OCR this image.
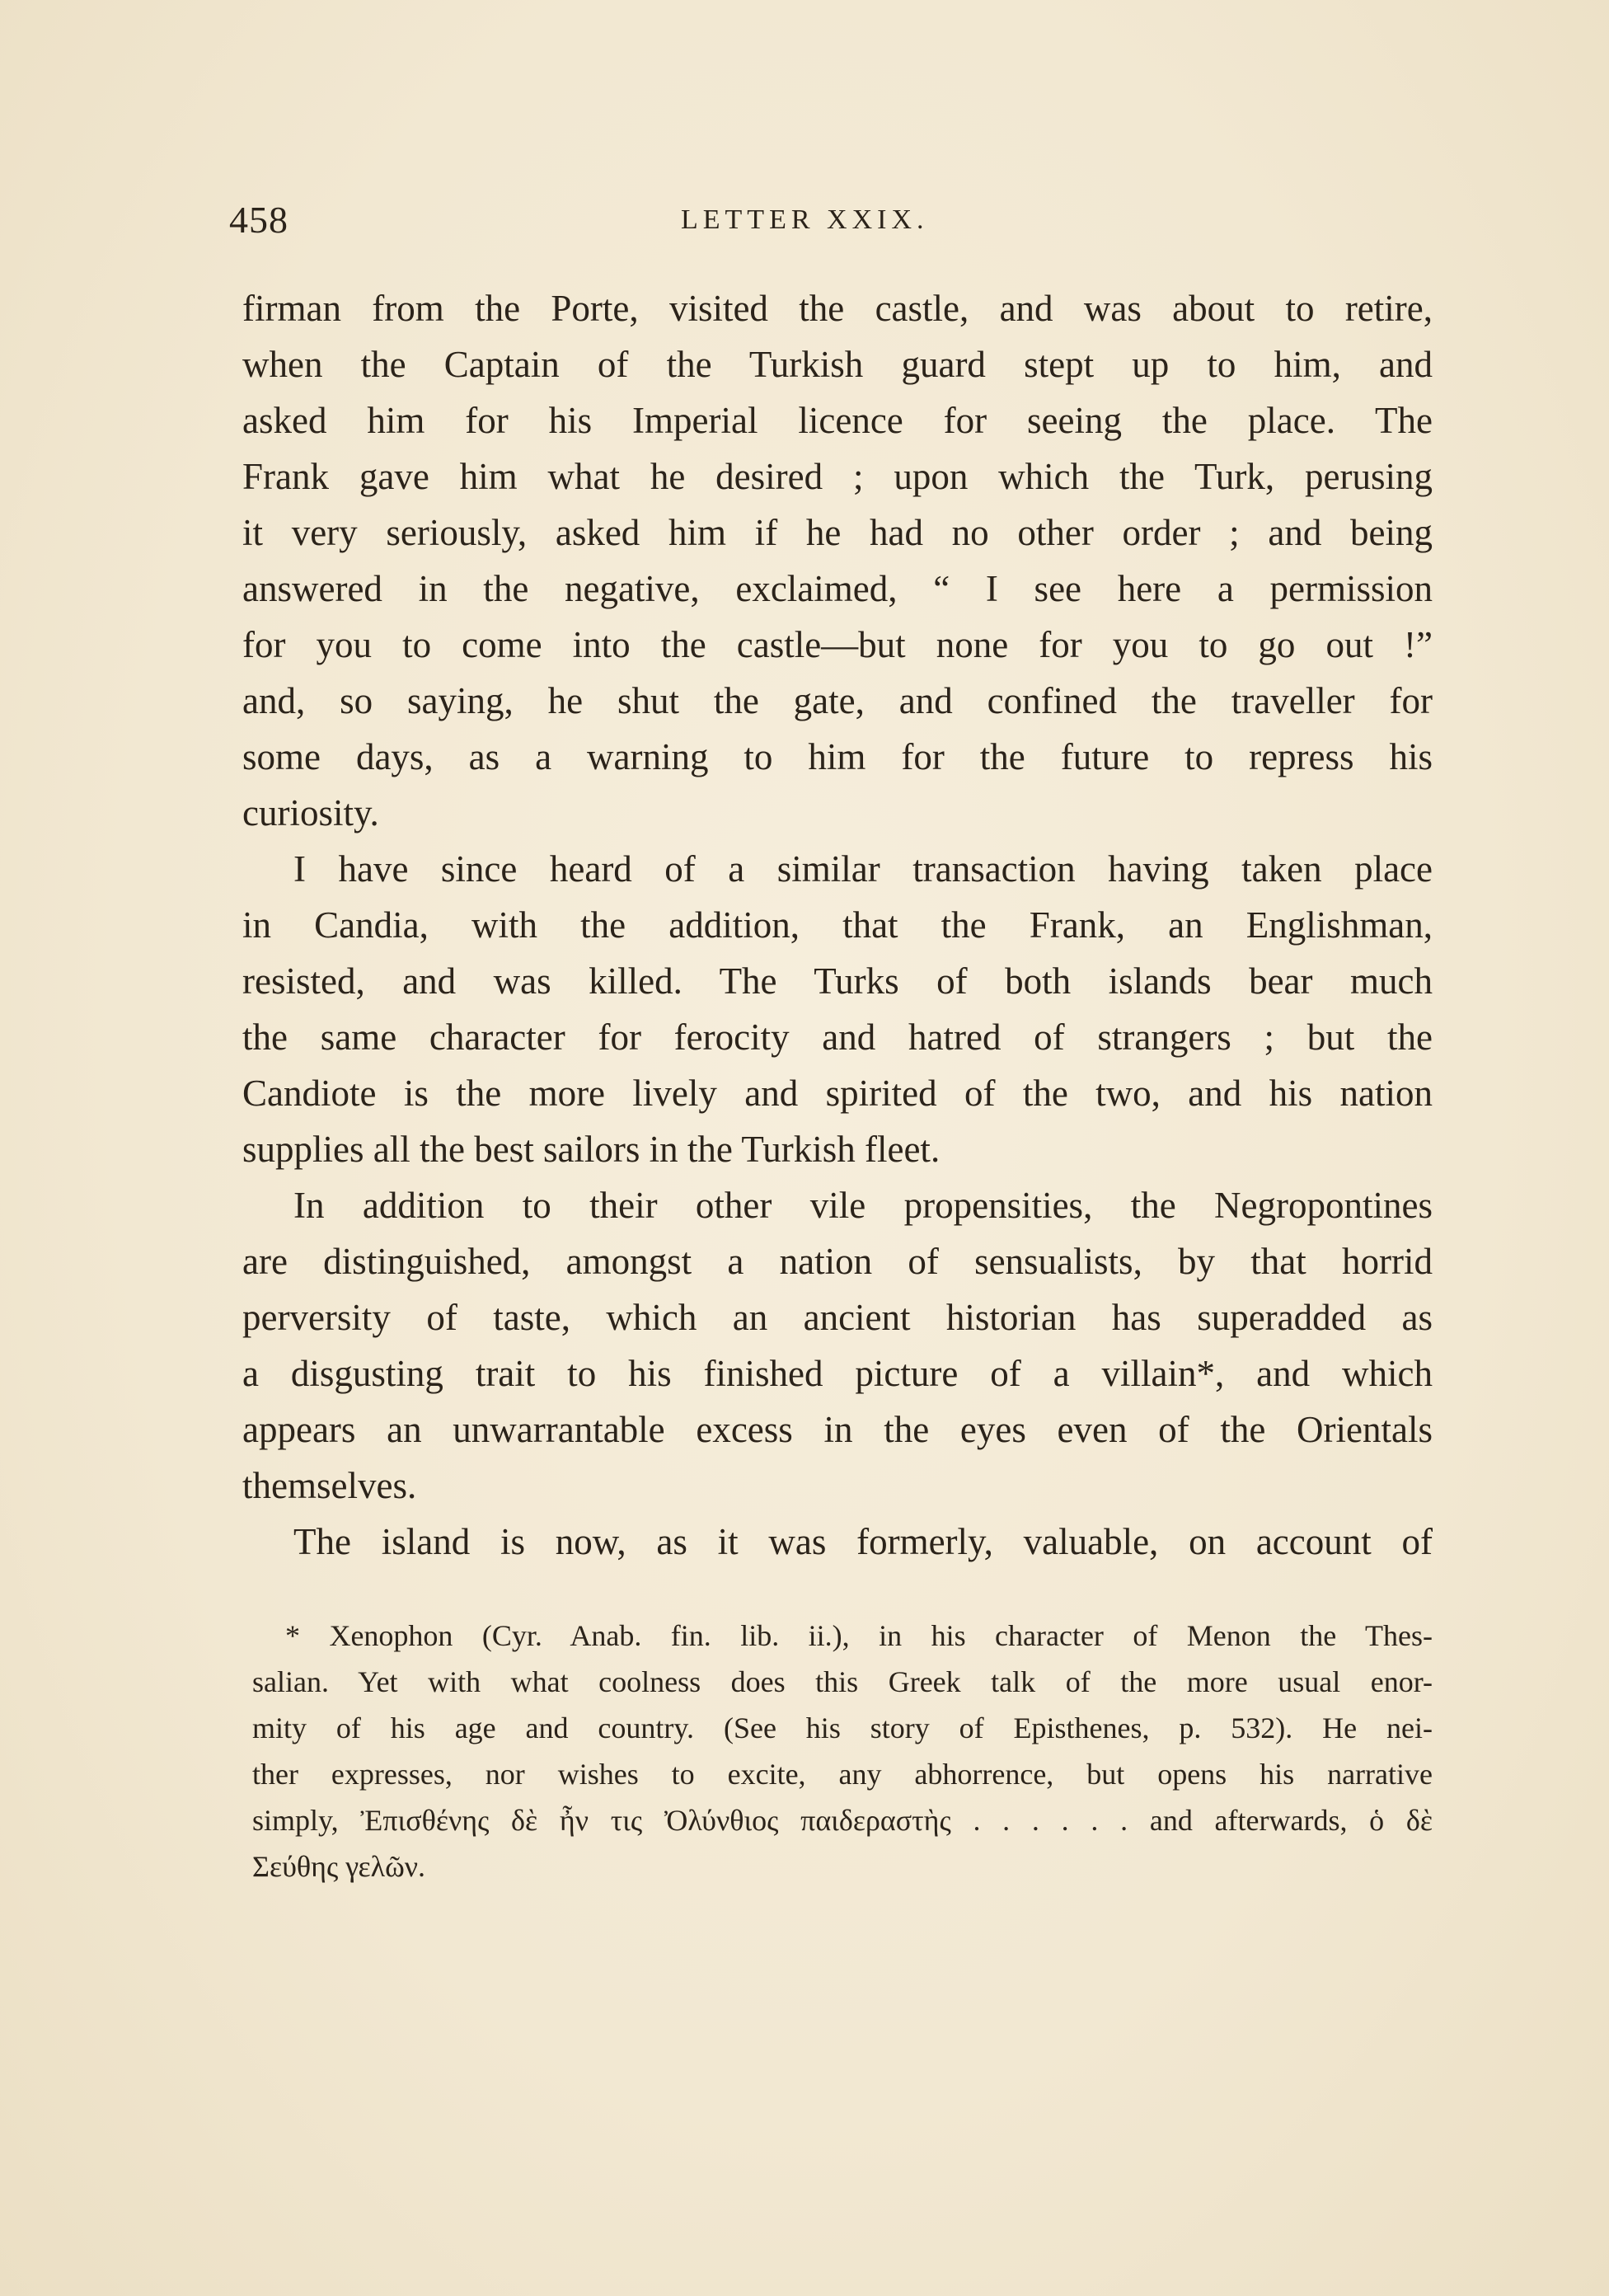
458	LETTER XXIX.
firman from the Porte, visited the castle, and was about to retire,
when the Captain of the Turkish guard stept up to him, and
asked him for his Imperial licence for seeing the place. The
Frank gave him what he desired ; upon which the Turk, perusing
it very seriously, asked him if he had no other order ; and being
answered in the negative, exclaimed, “ I see here a permission
for you to come into the castle—but none for you to go out !”
and, so saying, he shut the gate, and confined the traveller for
some days, as a warning to him for the future to repress his
curiosity.
I have since heard of a similar transaction having taken place
in Candia, with the addition, that the Frank, an Englishman,
resisted, and was killed. The Turks of both islands bear much
the same character for ferocity and hatred of strangers ; but the
Candiote is the more lively and spirited of the two, and his nation
supplies all the best sailors in the Turkish fleet.
In addition to their other vile propensities, the Negropontines
are distinguished, amongst a nation of sensualists, by that horrid
perversity of taste, which an ancient historian has superadded as
a disgusting trait to his finished picture of a villain*, and which
appears an unwarrantable excess in the eyes even of the Orientals
themselves.
The island is now, as it was formerly, valuable, on account of
* Xenophon (Cyr. Anab. fin. lib. ii.), in his character of Menon the Thes-
salian. Yet with what coolness does this Greek talk of the more usual enor-
mity of his age and country. (See his story of Episthenes, p. 532). He nei-
ther expresses, nor wishes to excite, any abhorrence, but opens his narrative
simply, Ἐπισθένης δὲ ἦν τις Ὀλύνθιος παιδεραστὴς . . . . . . and afterwards, ὁ δὲ
Σεύθης γελῶν.
